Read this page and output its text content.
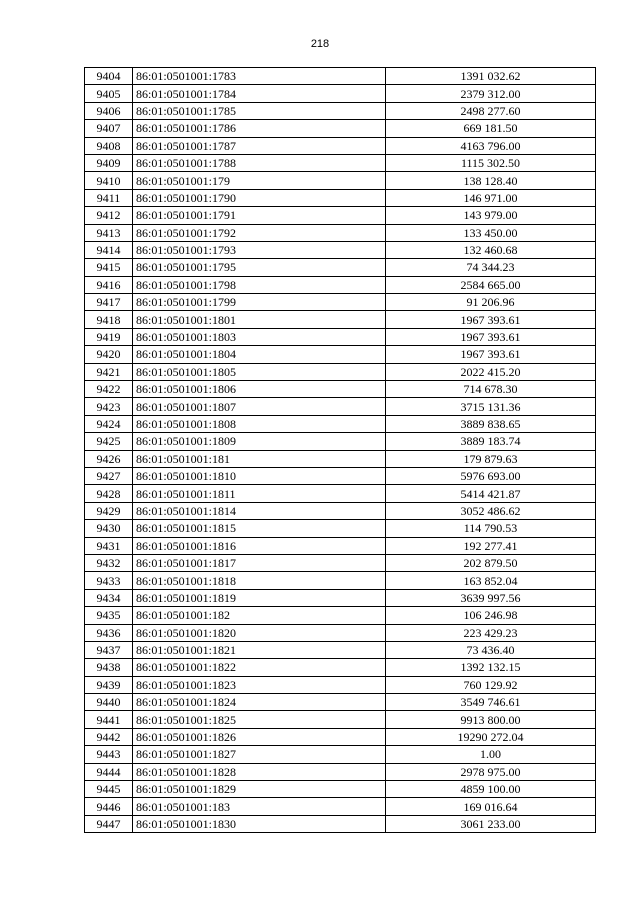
218
9404	86:01:0501001:1783	1391 032.62
9405	86:01:0501001:1784	2379 312.00
9406	86:01:0501001:1785	2498 277.60
9407	86:01:0501001:1786	669 181.50
9408	86:01:0501001:1787	4163 796.00
9409	86:01:0501001:1788	1115 302.50
9410	86:01:0501001:179	138 128.40
9411	86:01:0501001:1790	146 971.00
9412	86:01:0501001:1791	143 979.00
9413	86:01:0501001:1792	133 450.00
9414	86:01:0501001:1793	132 460.68
9415	86:01:0501001:1795	74 344.23
9416	86:01:0501001:1798	2584 665.00
9417	86:01:0501001:1799	91 206.96
9418	86:01:0501001:1801	1967 393.61
9419	86:01:0501001:1803	1967 393.61
9420	86:01:0501001:1804	1967 393.61
9421	86:01:0501001:1805	2022 415.20
9422	86:01:0501001:1806	714 678.30
9423	86:01:0501001:1807	3715 131.36
9424	86:01:0501001:1808	3889 838.65
9425	86:01:0501001:1809	3889 183.74
9426	86:01:0501001:181	179 879.63
9427	86:01:0501001:1810	5976 693.00
9428	86:01:0501001:1811	5414 421.87
9429	86:01:0501001:1814	3052 486.62
9430	86:01:0501001:1815	114 790.53
9431	86:01:0501001:1816	192 277.41
9432	86:01:0501001:1817	202 879.50
9433	86:01:0501001:1818	163 852.04
9434	86:01:0501001:1819	3639 997.56
9435	86:01:0501001:182	106 246.98
9436	86:01:0501001:1820	223 429.23
9437	86:01:0501001:1821	73 436.40
9438	86:01:0501001:1822	1392 132.15
9439	86:01:0501001:1823	760 129.92
9440	86:01:0501001:1824	3549 746.61
9441	86:01:0501001:1825	9913 800.00
9442	86:01:0501001:1826	19290 272.04
9443	86:01:0501001:1827	1.00
9444	86:01:0501001:1828	2978 975.00
9445	86:01:0501001:1829	4859 100.00
9446	86:01:0501001:183	169 016.64
9447	86:01:0501001:1830	3061 233.00
